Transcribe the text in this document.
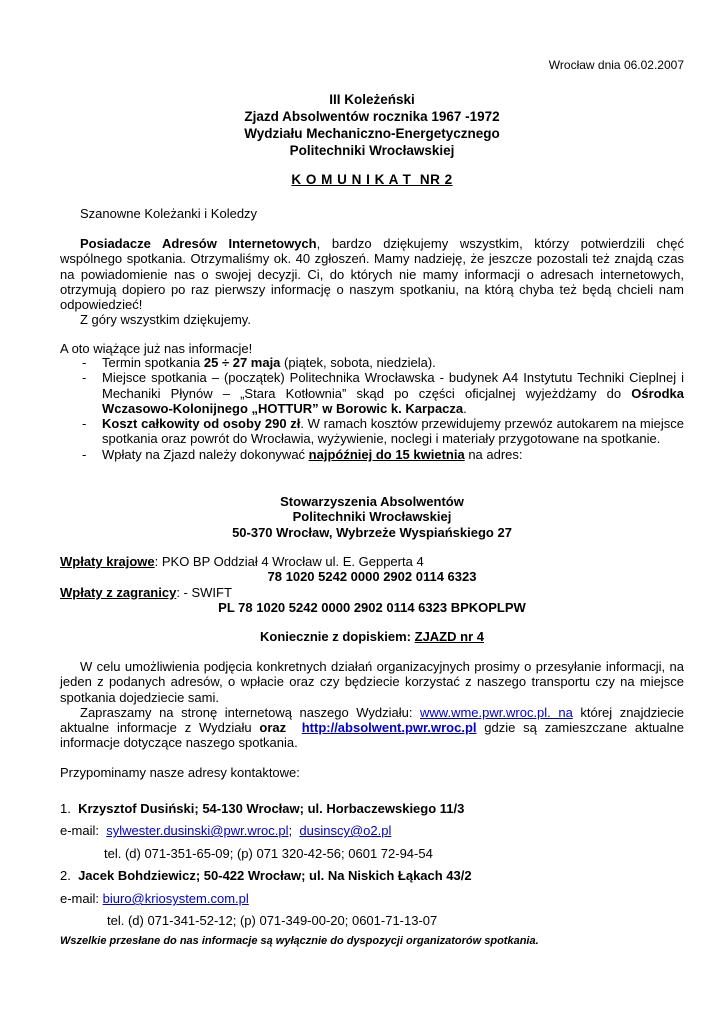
Wrocław dnia 06.02.2007
III Koleżeński
Zjazd Absolwentów rocznika 1967 -1972
Wydziału Mechaniczno-Energetycznego
Politechniki Wrocławskiej
K O M U N I K A T NR 2
Szanowne Koleżanki i Koledzy
Posiadacze Adresów Internetowych, bardzo dziękujemy wszystkim, którzy potwierdzili chęć wspólnego spotkania. Otrzymaliśmy ok. 40 zgłoszeń. Mamy nadzieję, że jeszcze pozostali też znajdą czas na powiadomienie nas o swojej decyzji. Ci, do których nie mamy informacji o adresach internetowych, otrzymują dopiero po raz pierwszy informację o naszym spotkaniu, na którą chyba też będą chcieli nam odpowiedzieć!
Z góry wszystkim dziękujemy.
A oto wiążące już nas informacje!
- Termin spotkania 25 ÷ 27 maja (piątek, sobota, niedziela).
- Miejsce spotkania – (początek) Politechnika Wrocławska - budynek A4 Instytutu Techniki Cieplnej i Mechaniki Płynów – „Stara Kotłownia” skąd po części oficjalnej wyjeżdżamy do Ośrodka Wczasowo-Kolonijnego „HOTTUR” w Borowic k. Karpacza.
- Koszt całkowity od osoby 290 zł. W ramach kosztów przewidujemy przewóz autokarem na miejsce spotkania oraz powrót do Wrocławia, wyżywienie, noclegi i materiały przygotowane na spotkanie.
- Wpłaty na Zjazd należy dokonywać najpóźniej do 15 kwietnia na adres:
Stowarzyszenia Absolwentów
Politechniki Wrocławskiej
50-370 Wrocław, Wybrzeże Wyspiańskiego 27
Wpłaty krajowe: PKO BP Oddział 4 Wrocław ul. E. Gepperta 4
78 1020 5242 0000 2902 0114 6323
Wpłaty z zagranicy: - SWIFT
PL 78 1020 5242 0000 2902 0114 6323 BPKOPLPW
Koniecznie z dopiskiem: ZJAZD nr 4
W celu umożliwienia podjęcia konkretnych działań organizacyjnych prosimy o przesyłanie informacji, na jeden z podanych adresów, o wpłacie oraz czy będziecie korzystać z naszego transportu czy na miejsce spotkania dojedziecie sami.
Zapraszamy na stronę internetową naszego Wydziału: www.wme.pwr.wroc.pl. na której znajdziecie aktualne informacje z Wydziału oraz http://absolwent.pwr.wroc.pl gdzie są zamieszczane aktualne informacje dotyczące naszego spotkania.
Przypominamy nasze adresy kontaktowe:
1. Krzysztof Dusiński; 54-130 Wrocław; ul. Horbaczewskiego 11/3
e-mail: sylwester.dusinski@pwr.wroc.pl; dusinscy@o2.pl
tel. (d) 071-351-65-09; (p) 071 320-42-56; 0601 72-94-54
2. Jacek Bohdziewicz; 50-422 Wrocław; ul. Na Niskich Łąkach 43/2
e-mail: biuro@kriosystem.com.pl
tel. (d) 071-341-52-12; (p) 071-349-00-20; 0601-71-13-07
Wszelkie przesłane do nas informacje są wyłącznie do dyspozycji organizatorów spotkania.
